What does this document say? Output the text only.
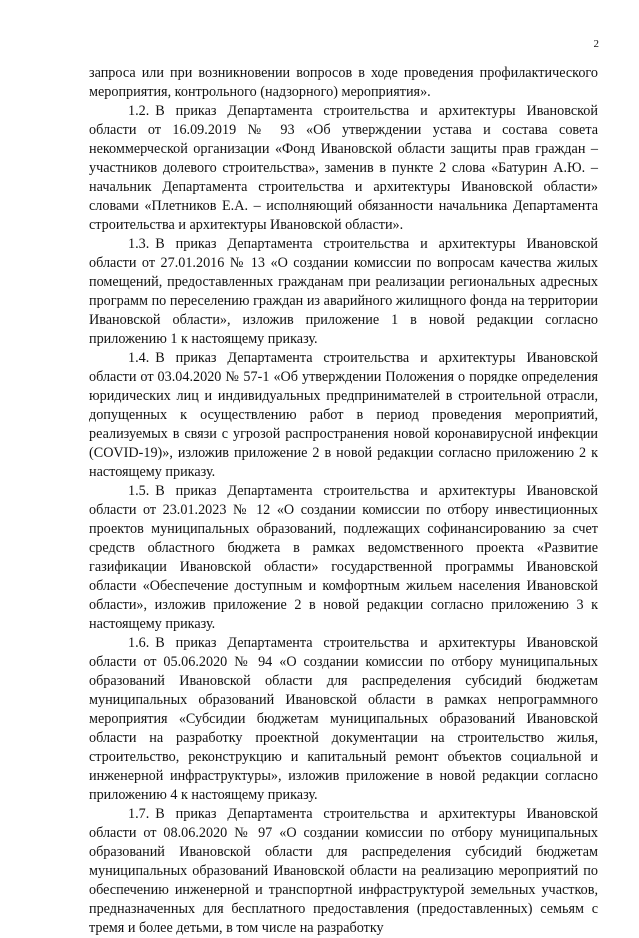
2

запроса или при возникновении вопросов в ходе проведения профилактического мероприятия, контрольного (надзорного) мероприятия».

1.2. В приказ Департамента строительства и архитектуры Ивановской области от 16.09.2019 № 93 «Об утверждении устава и состава совета некоммерческой организации «Фонд Ивановской области защиты прав граждан – участников долевого строительства», заменив в пункте 2 слова «Батурин А.Ю. – начальник Департамента строительства и архитектуры Ивановской области» словами «Плетников Е.А. – исполняющий обязанности начальника Департамента строительства и архитектуры Ивановской области».

1.3. В приказ Департамента строительства и архитектуры Ивановской области от 27.01.2016 № 13 «О создании комиссии по вопросам качества жилых помещений, предоставленных гражданам при реализации региональных адресных программ по переселению граждан из аварийного жилищного фонда на территории Ивановской области», изложив приложение 1 в новой редакции согласно приложению 1 к настоящему приказу.

1.4. В приказ Департамента строительства и архитектуры Ивановской области от 03.04.2020 № 57-1 «Об утверждении Положения о порядке определения юридических лиц и индивидуальных предпринимателей в строительной отрасли, допущенных к осуществлению работ в период проведения мероприятий, реализуемых в связи с угрозой распространения новой коронавирусной инфекции (COVID-19)», изложив приложение 2 в новой редакции согласно приложению 2 к настоящему приказу.

1.5. В приказ Департамента строительства и архитектуры Ивановской области от 23.01.2023 № 12 «О создании комиссии по отбору инвестиционных проектов муниципальных образований, подлежащих софинансированию за счет средств областного бюджета в рамках ведомственного проекта «Развитие газификации Ивановской области» государственной программы Ивановской области «Обеспечение доступным и комфортным жильем населения Ивановской области», изложив приложение 2 в новой редакции согласно приложению 3 к настоящему приказу.

1.6. В приказ Департамента строительства и архитектуры Ивановской области от 05.06.2020 № 94 «О создании комиссии по отбору муниципальных образований Ивановской области для распределения субсидий бюджетам муниципальных образований Ивановской области в рамках непрограммного мероприятия «Субсидии бюджетам муниципальных образований Ивановской области на разработку проектной документации на строительство жилья, строительство, реконструкцию и капитальный ремонт объектов социальной и инженерной инфраструктуры», изложив приложение в новой редакции согласно приложению 4 к настоящему приказу.

1.7. В приказ Департамента строительства и архитектуры Ивановской области от 08.06.2020 № 97 «О создании комиссии по отбору муниципальных образований Ивановской области для распределения субсидий бюджетам муниципальных образований Ивановской области на реализацию мероприятий по обеспечению инженерной и транспортной инфраструктурой земельных участков, предназначенных для бесплатного предоставления (предоставленных) семьям с тремя и более детьми, в том числе на разработку
